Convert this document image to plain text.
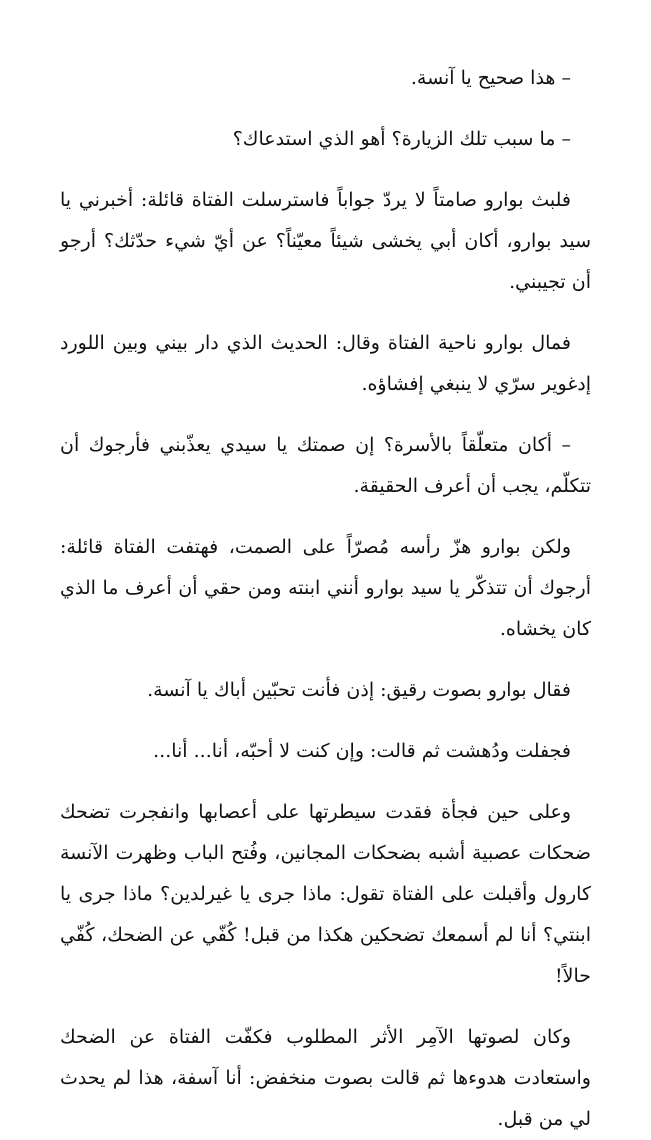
– هذا صحيح يا آنسة.

– ما سبب تلك الزيارة؟ أهو الذي استدعاك؟

فلبث بوارو صامتاً لا يردّ جواباً فاسترسلت الفتاة قائلة: أخبرني يا سيد بوارو، أكان أبي يخشى شيئاً معيّناً؟ عن أيّ شيء حدّثك؟ أرجو أن تجيبني.

فمال بوارو ناحية الفتاة وقال: الحديث الذي دار بيني وبين اللورد إدغوير سرّي لا ينبغي إفشاؤه.

– أكان متعلّقاً بالأسرة؟ إن صمتك يا سيدي يعذّبني فأرجوك أن تتكلّم، يجب أن أعرف الحقيقة.

ولكن بوارو هزّ رأسه مُصرّاً على الصمت، فهتفت الفتاة قائلة: أرجوك أن تتذكّر يا سيد بوارو أنني ابنته ومن حقي أن أعرف ما الذي كان يخشاه.

فقال بوارو بصوت رقيق: إذن فأنت تحبّين أباك يا آنسة.

فجفلت ودُهشت ثم قالت: وإن كنت لا أحبّه، أنا... أنا...

وعلى حين فجأة فقدت سيطرتها على أعصابها وانفجرت تضحك ضحكات عصبية أشبه بضحكات المجانين، وفُتح الباب وظهرت الآنسة كارول وأقبلت على الفتاة تقول: ماذا جرى يا غيرلدين؟ ماذا جرى يا ابنتي؟ أنا لم أسمعك تضحكين هكذا من قبل! كُفّي عن الضحك، كُفّي حالاً!

وكان لصوتها الآمِر الأثر المطلوب فكفّت الفتاة عن الضحك واستعادت هدوءها ثم قالت بصوت منخفض: أنا آسفة، هذا لم يحدث لي من قبل.
